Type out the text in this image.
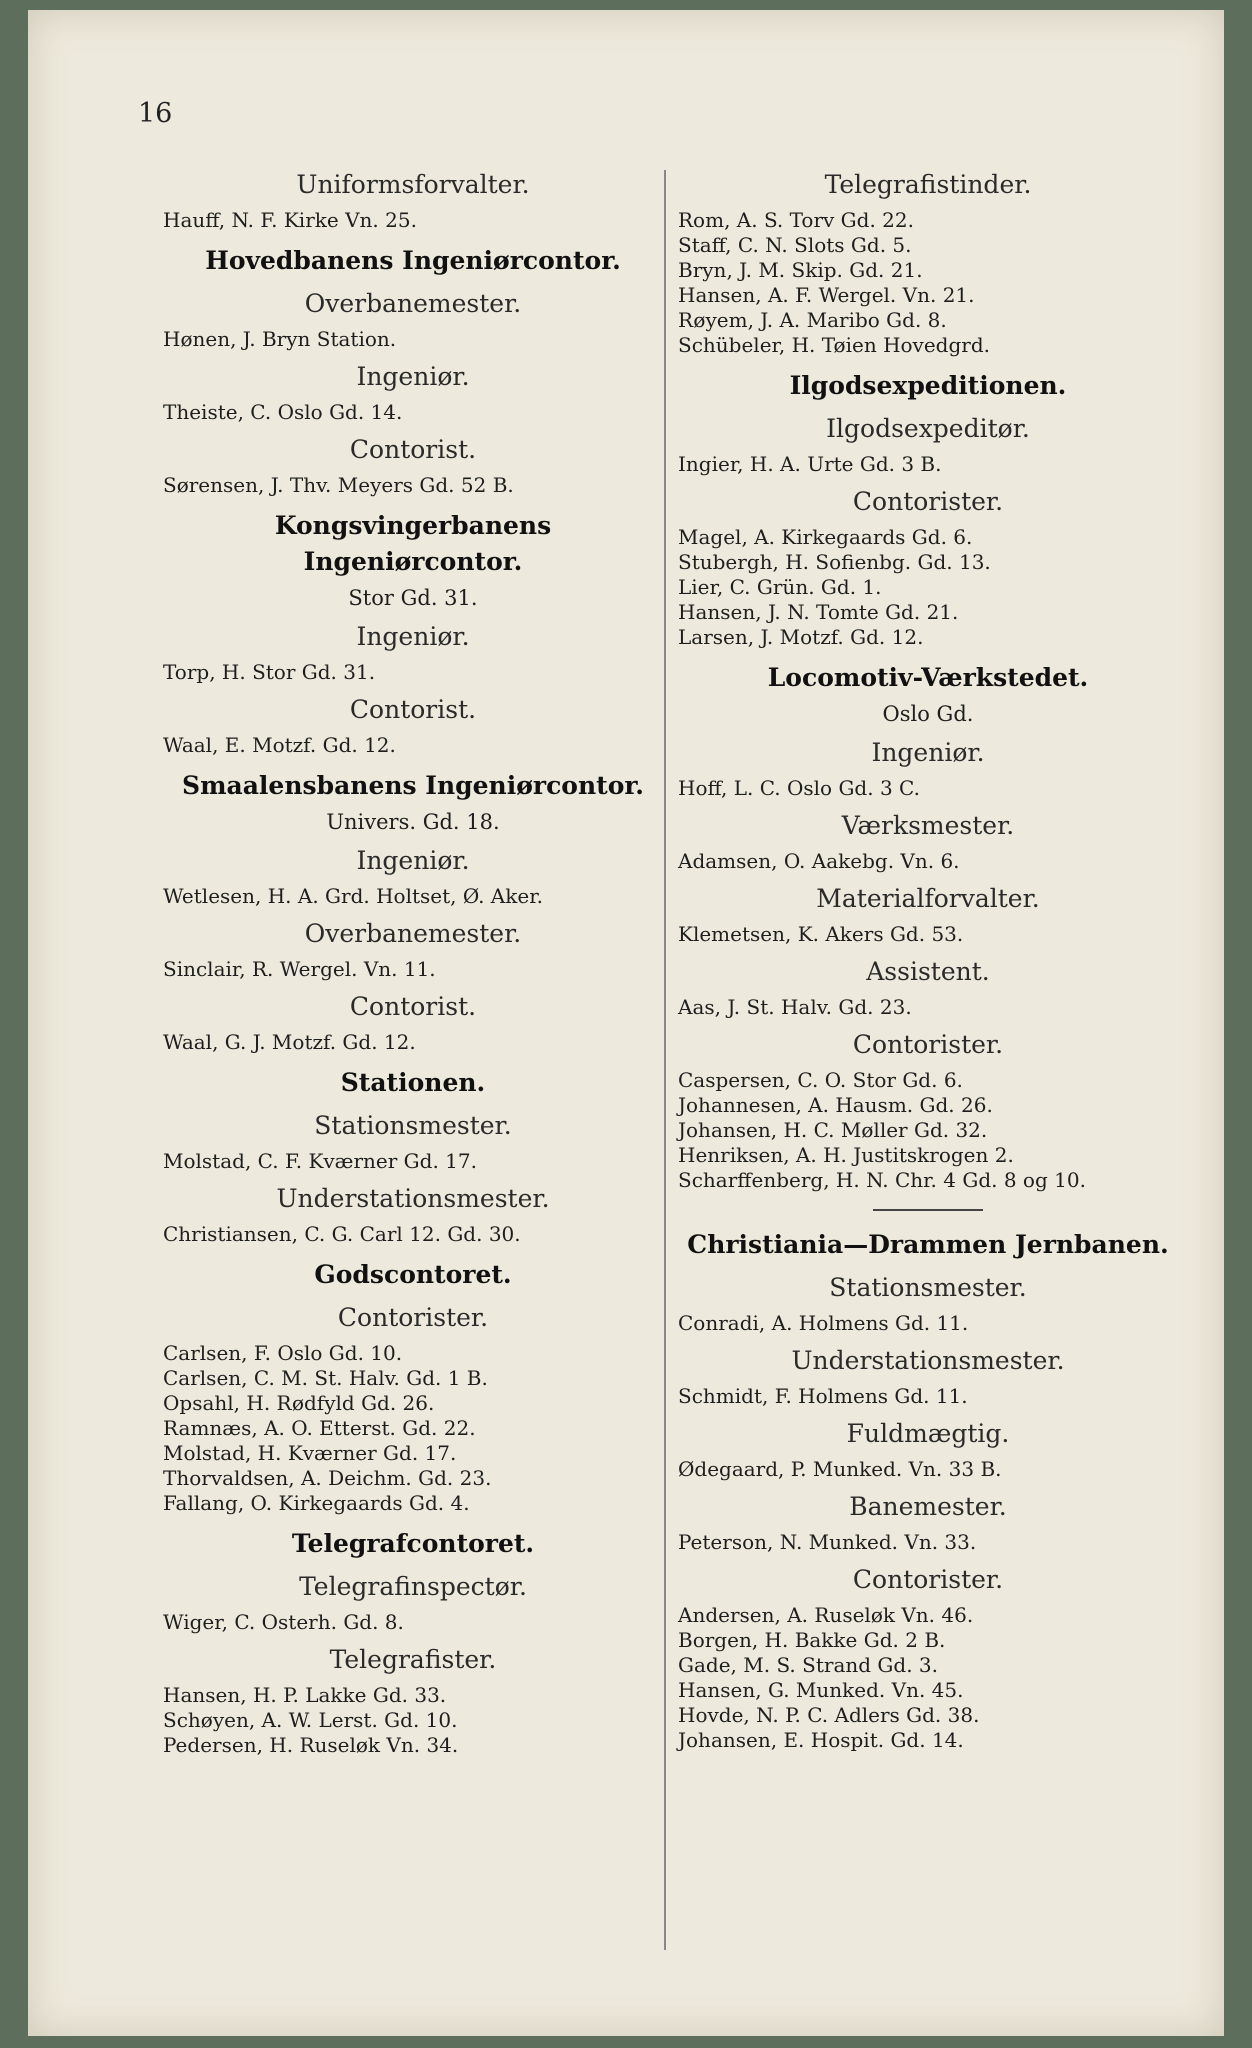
16
Uniformsforvalter.
Hauff, N. F. Kirke Vn. 25.
Hovedbanens Ingeniørcontor.
Overbanemester.
Hønen, J. Bryn Station.
Ingeniør.
Theiste, C. Oslo Gd. 14.
Contorist.
Sørensen, J. Thv. Meyers Gd. 52 B.
Kongsvingerbanens Ingeniørcontor.
Stor Gd. 31.
Ingeniør.
Torp, H. Stor Gd. 31.
Contorist.
Waal, E. Motzf. Gd. 12.
Smaalensbanens Ingeniørcontor.
Univers. Gd. 18.
Ingeniør.
Wetlesen, H. A. Grd. Holtset, Ø. Aker.
Overbanemester.
Sinclair, R. Wergel. Vn. 11.
Contorist.
Waal, G. J. Motzf. Gd. 12.
Stationen.
Stationsmester.
Molstad, C. F. Kværner Gd. 17.
Understationsmester.
Christiansen, C. G. Carl 12. Gd. 30.
Godscontoret.
Contorister.
Carlsen, F. Oslo Gd. 10.
Carlsen, C. M. St. Halv. Gd. 1 B.
Opsahl, H. Rødfyld Gd. 26.
Ramnæs, A. O. Etterst. Gd. 22.
Molstad, H. Kværner Gd. 17.
Thorvaldsen, A. Deichm. Gd. 23.
Fallang, O. Kirkegaards Gd. 4.
Telegrafcontoret.
Telegrafinspectør.
Wiger, C. Osterh. Gd. 8.
Telegrafister.
Hansen, H. P. Lakke Gd. 33.
Schøyen, A. W. Lerst. Gd. 10.
Pedersen, H. Ruseløk Vn. 34.
Telegrafistinder.
Rom, A. S. Torv Gd. 22.
Staff, C. N. Slots Gd. 5.
Bryn, J. M. Skip. Gd. 21.
Hansen, A. F. Wergel. Vn. 21.
Røyem, J. A. Maribo Gd. 8.
Schübeler, H. Tøien Hovedgrd.
Ilgodsexpeditionen.
Ilgodsexpeditør.
Ingier, H. A. Urte Gd. 3 B.
Contorister.
Magel, A. Kirkegaards Gd. 6.
Stubergh, H. Sofienbg. Gd. 13.
Lier, C. Grün. Gd. 1.
Hansen, J. N. Tomte Gd. 21.
Larsen, J. Motzf. Gd. 12.
Locomotiv-Værkstedet.
Oslo Gd.
Ingeniør.
Hoff, L. C. Oslo Gd. 3 C.
Værksmester.
Adamsen, O. Aakebg. Vn. 6.
Materialforvalter.
Klemetsen, K. Akers Gd. 53.
Assistent.
Aas, J. St. Halv. Gd. 23.
Contorister.
Caspersen, C. O. Stor Gd. 6.
Johannesen, A. Hausm. Gd. 26.
Johansen, H. C. Møller Gd. 32.
Henriksen, A. H. Justitskrogen 2.
Scharffenberg, H. N. Chr. 4 Gd. 8 og 10.
Christiania—Drammen Jernbanen.
Stationsmester.
Conradi, A. Holmens Gd. 11.
Understationsmester.
Schmidt, F. Holmens Gd. 11.
Fuldmægtig.
Ødegaard, P. Munked. Vn. 33 B.
Banemester.
Peterson, N. Munked. Vn. 33.
Contorister.
Andersen, A. Ruseløk Vn. 46.
Borgen, H. Bakke Gd. 2 B.
Gade, M. S. Strand Gd. 3.
Hansen, G. Munked. Vn. 45.
Hovde, N. P. C. Adlers Gd. 38.
Johansen, E. Hospit. Gd. 14.
